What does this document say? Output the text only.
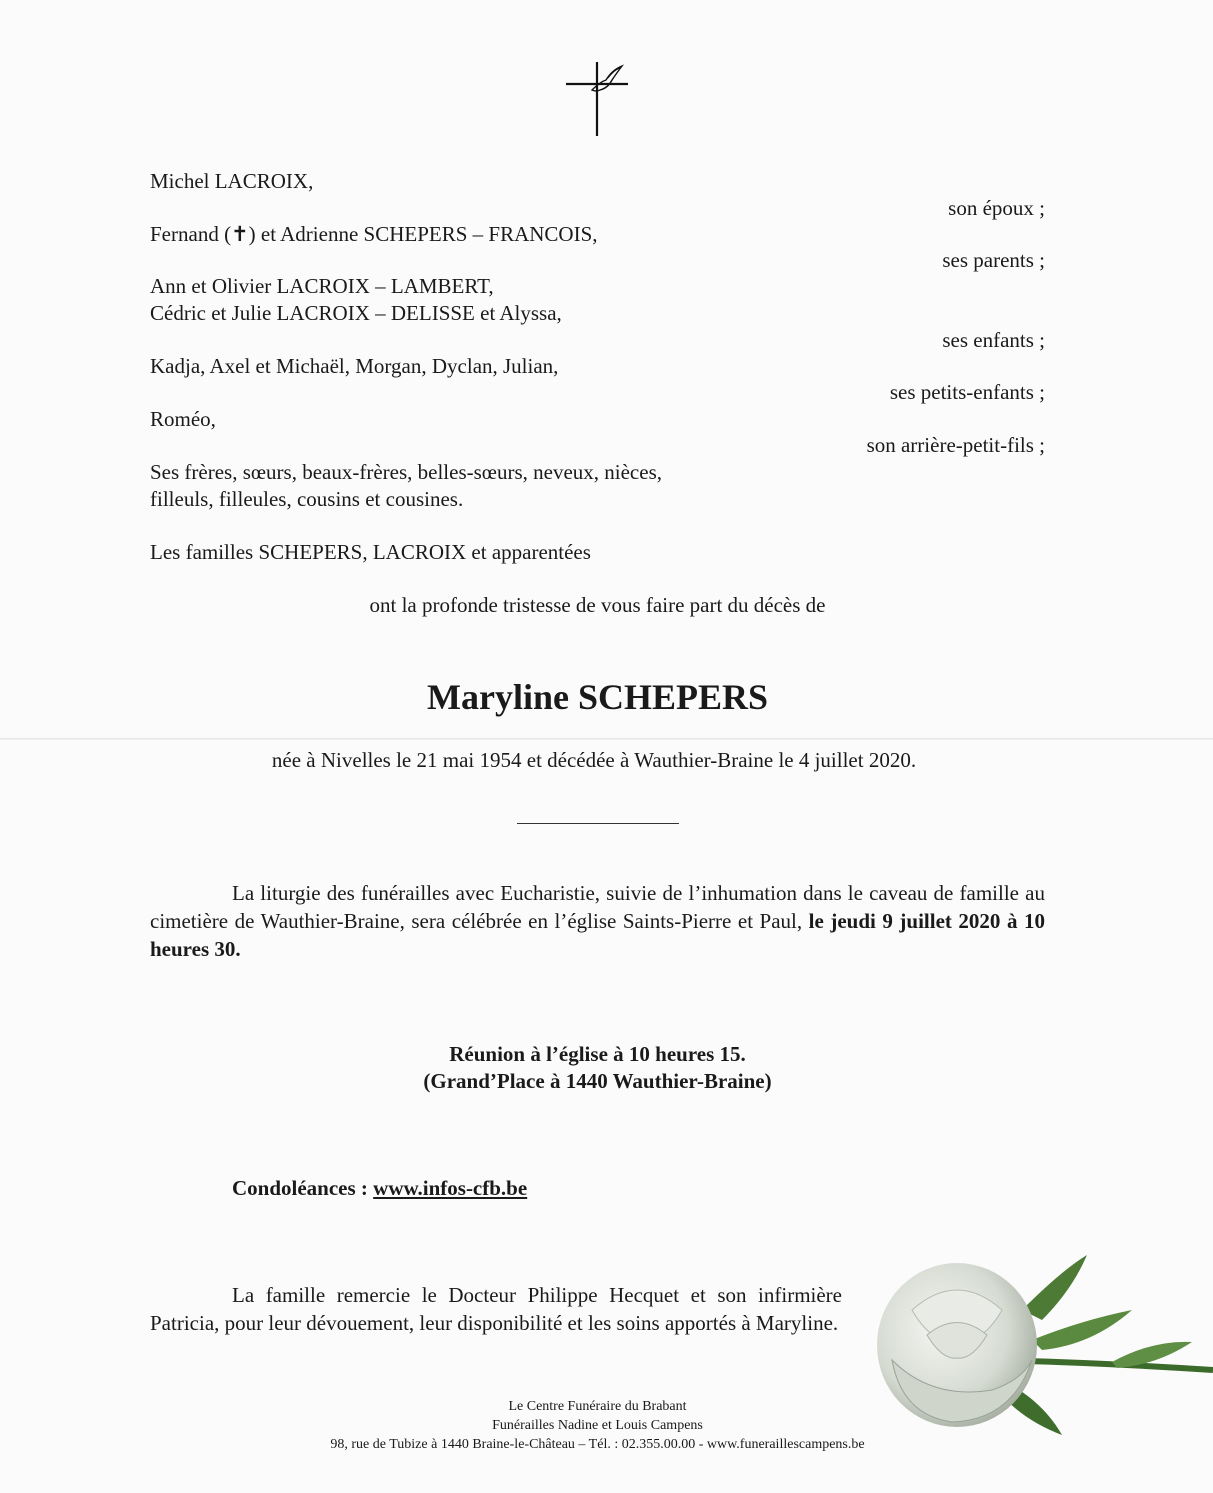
Michel LACROIX,
son époux ;
Fernand (✝) et Adrienne SCHEPERS – FRANCOIS,
ses parents ;
Ann et Olivier LACROIX – LAMBERT,
Cédric et Julie LACROIX – DELISSE et Alyssa,
ses enfants ;
Kadja, Axel et Michaël, Morgan, Dyclan, Julian,
ses petits-enfants ;
Roméo,
son arrière-petit-fils ;
Ses frères, sœurs, beaux-frères, belles-sœurs, neveux, nièces,
filleuls, filleules, cousins et cousines.
Les familles SCHEPERS, LACROIX et apparentées
ont la profonde tristesse de vous faire part du décès de
Maryline SCHEPERS
née à Nivelles le 21 mai 1954 et décédée à Wauthier-Braine le 4 juillet 2020.
La liturgie des funérailles avec Eucharistie, suivie de l’inhumation dans le caveau de famille au cimetière de Wauthier-Braine, sera célébrée en l’église Saints-Pierre et Paul, le jeudi 9 juillet 2020 à 10 heures 30.
Réunion à l’église à 10 heures 15.
(Grand’Place à 1440 Wauthier-Braine)
Condoléances : www.infos-cfb.be
La famille remercie le Docteur Philippe Hecquet et son infirmière Patricia, pour leur dévouement, leur disponibilité et les soins apportés à Maryline.
Le Centre Funéraire du Brabant
Funérailles Nadine et Louis Campens
98, rue de Tubize à 1440 Braine-le-Château – Tél. : 02.355.00.00 - www.funeraillescampens.be
